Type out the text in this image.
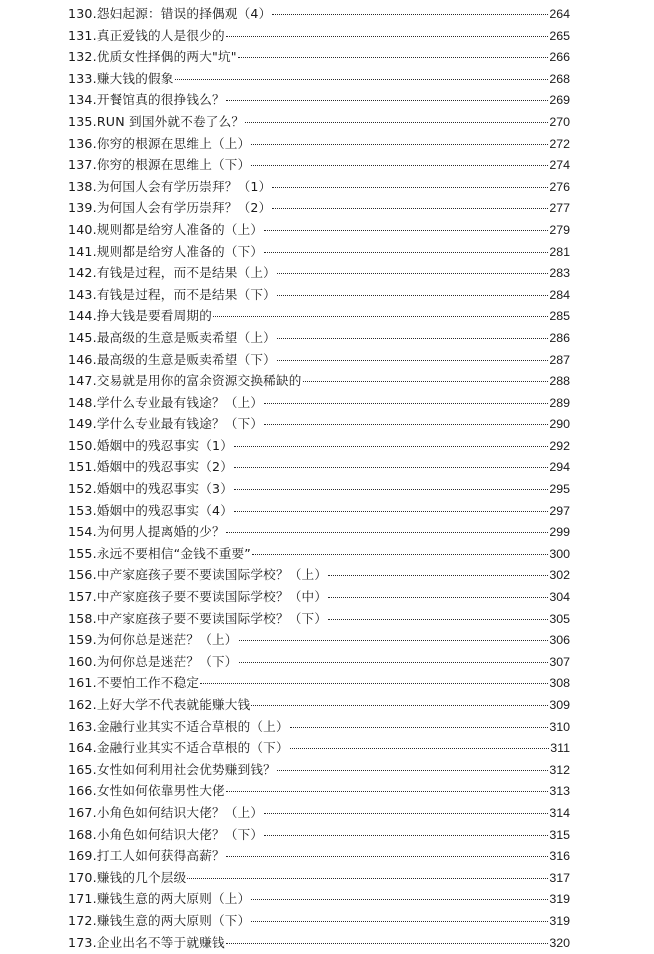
130.怨妇起源：错误的择偶观（4）	264
131.真正爱钱的人是很少的	265
132.优质女性择偶的两大"坑"	266
133.赚大钱的假象	268
134.开餐馆真的很挣钱么？	269
135.RUN 到国外就不卷了么？	270
136.你穷的根源在思维上（上）	272
137.你穷的根源在思维上（下）	274
138.为何国人会有学历崇拜？（1）	276
139.为何国人会有学历崇拜？（2）	277
140.规则都是给穷人准备的（上）	279
141.规则都是给穷人准备的（下）	281
142.有钱是过程，而不是结果（上）	283
143.有钱是过程，而不是结果（下）	284
144.挣大钱是要看周期的	285
145.最高级的生意是贩卖希望（上）	286
146.最高级的生意是贩卖希望（下）	287
147.交易就是用你的富余资源交换稀缺的	288
148.学什么专业最有钱途？（上）	289
149.学什么专业最有钱途？（下）	290
150.婚姻中的残忍事实（1）	292
151.婚姻中的残忍事实（2）	294
152.婚姻中的残忍事实（3）	295
153.婚姻中的残忍事实（4）	297
154.为何男人提离婚的少？	299
155.永远不要相信“金钱不重要”	300
156.中产家庭孩子要不要读国际学校？（上）	302
157.中产家庭孩子要不要读国际学校？（中）	304
158.中产家庭孩子要不要读国际学校？（下）	305
159.为何你总是迷茫？（上）	306
160.为何你总是迷茫？（下）	307
161.不要怕工作不稳定	308
162.上好大学不代表就能赚大钱	309
163.金融行业其实不适合草根的（上）	310
164.金融行业其实不适合草根的（下）	311
165.女性如何利用社会优势赚到钱？	312
166.女性如何依靠男性大佬	313
167.小角色如何结识大佬？（上）	314
168.小角色如何结识大佬？（下）	315
169.打工人如何获得高薪？	316
170.赚钱的几个层级	317
171.赚钱生意的两大原则（上）	319
172.赚钱生意的两大原则（下）	319
173.企业出名不等于就赚钱	320
